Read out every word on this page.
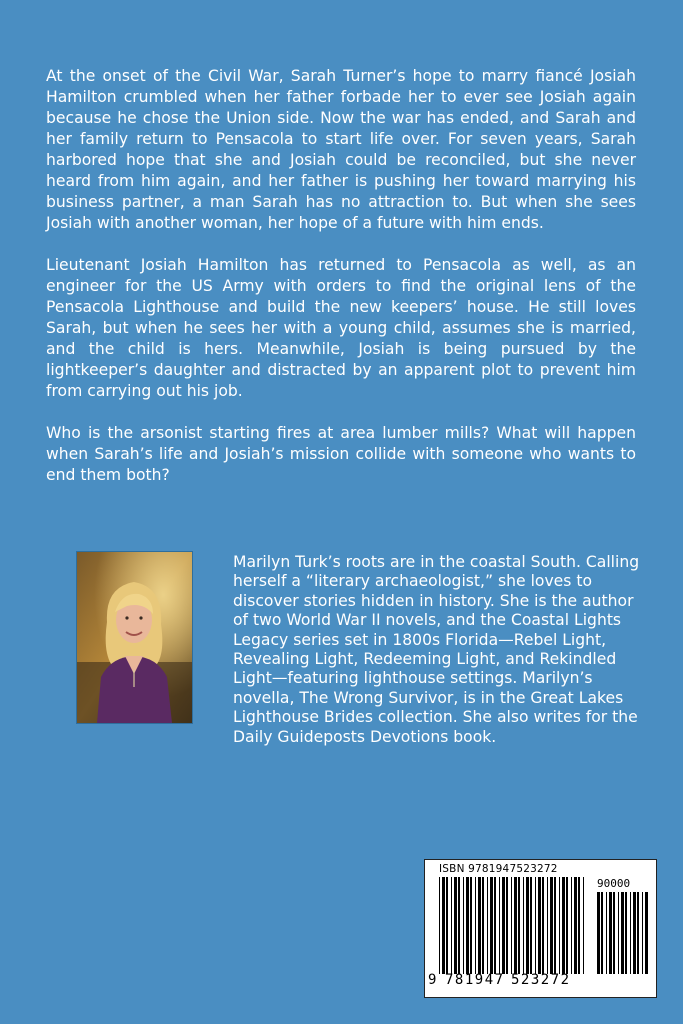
At the onset of the Civil War, Sarah Turner’s hope to marry fiancé Josiah Hamilton crumbled when her father forbade her to ever see Josiah again because he chose the Union side. Now the war has ended, and Sarah and her family return to Pensacola to start life over. For seven years, Sarah harbored hope that she and Josiah could be reconciled, but she never heard from him again, and her father is pushing her toward marrying his business partner, a man Sarah has no attraction to. But when she sees Josiah with another woman, her hope of a future with him ends.

Lieutenant Josiah Hamilton has returned to Pensacola as well, as an engineer for the US Army with orders to find the original lens of the Pensacola Lighthouse and build the new keepers’ house. He still loves Sarah, but when he sees her with a young child, assumes she is married, and the child is hers. Meanwhile, Josiah is being pursued by the lightkeeper’s daughter and distracted by an apparent plot to prevent him from carrying out his job.

Who is the arsonist starting fires at area lumber mills? What will happen when Sarah’s life and Josiah’s mission collide with someone who wants to end them both?

Marilyn Turk’s roots are in the coastal South. Calling herself a “literary archaeologist,” she loves to discover stories hidden in history. She is the author of two World War II novels, and the Coastal Lights Legacy series set in 1800s Florida—Rebel Light, Revealing Light, Redeeming Light, and Rekindled Light—featuring lighthouse settings. Marilyn’s novella, The Wrong Survivor, is in the Great Lakes Lighthouse Brides collection. She also writes for the Daily Guideposts Devotions book.

ISBN 9781947523272
90000
9 781947 523272
